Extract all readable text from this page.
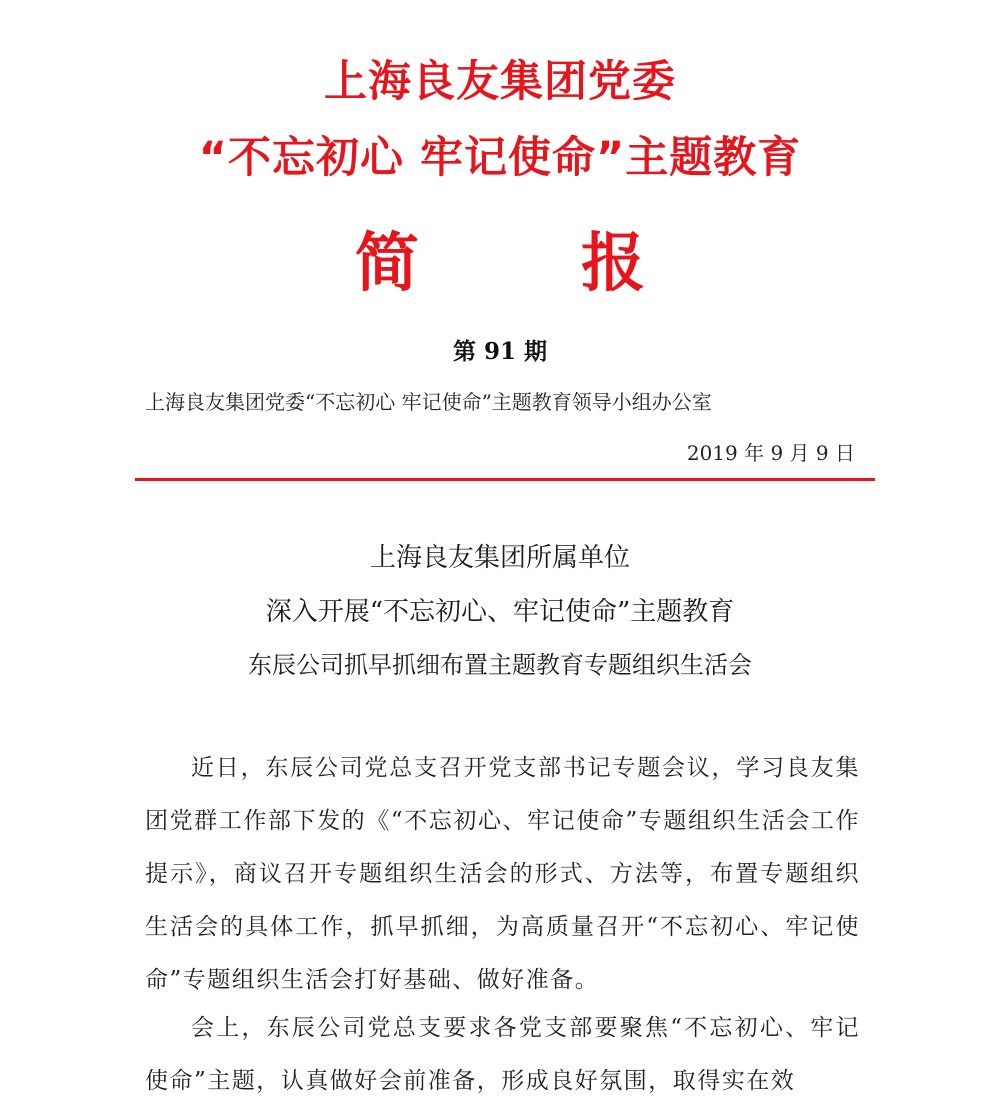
上海良友集团党委
“不忘初心 牢记使命”主题教育
简 报
第 91 期
上海良友集团党委“不忘初心 牢记使命”主题教育领导小组办公室
2019 年 9 月 9 日
上海良友集团所属单位
深入开展“不忘初心、牢记使命”主题教育
东辰公司抓早抓细布置主题教育专题组织生活会

近日，东辰公司党总支召开党支部书记专题会议，学习良友集团党群工作部下发的《“不忘初心、牢记使命”专题组织生活会工作提示》，商议召开专题组织生活会的形式、方法等，布置专题组织生活会的具体工作，抓早抓细，为高质量召开“不忘初心、牢记使命”专题组织生活会打好基础、做好准备。

会上，东辰公司党总支要求各党支部要聚焦“不忘初心、牢记使命”主题，认真做好会前准备，形成良好氛围，取得实在效
